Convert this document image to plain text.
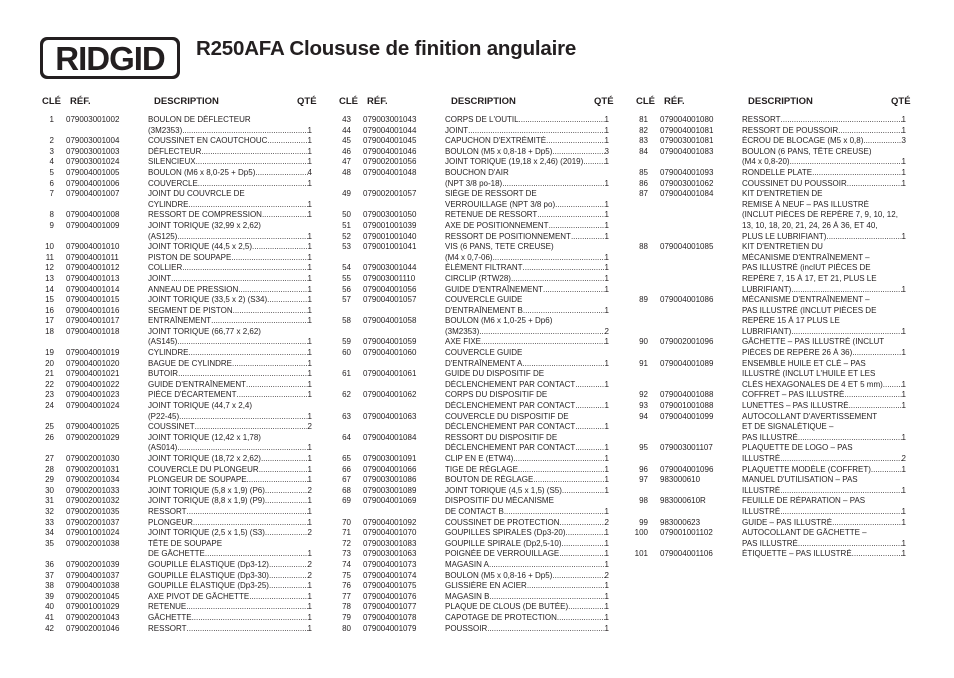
RIDGID R250AFA Cloususe de finition angulaire
CLÉ RÉF.	DESCRIPTION	QTÉ
1 079003001002	BOULON DE DÉFLECTEUR
(3M2353) .....	1
2 079003001004	COUSSINET EN CAOUTCHOUC .....	1
3 079003001003	DÉFLECTEUR .....	1
4 079003001024	SILENCIEUX .....	1
5 079004001005	BOULON (M6 x 8,0-25 + Dp5) .....	4
6 079004001006	COUVERCLE .....	1
7 079004001007	JOINT DU COUVRCLE DE
CYLINDRE .....	1
8 079004001008	RESSORT DE COMPRESSION .....	1
9 079004001009	JOINT TORIQUE (32,99 x 2,62)
(AS125) .....	1
10 079004001010	JOINT TORIQUE (44,5 x 2,5) .....	1
11 079004001011	PISTON DE SOUPAPE .....	1
12 079004001012	COLLIER .....	1
13 079004001013	JOINT .....	1
14 079004001014	ANNEAU DE PRESSION .....	1
15 079004001015	JOINT TORIQUE (33,5 x 2) (S34) .....	1
16 079004001016	SEGMENT DE PISTON .....	1
17 079004001017	ENTRAÎNEMENT .....	1
18 079004001018	JOINT TORIQUE (66,77 x 2,62)
(AS145) .....	1
19 079004001019	CYLINDRE .....	1
20 079004001020	BAGUE DE CYLINDRE .....	1
21 079004001021	BUTOIR .....	1
22 079004001022	GUIDE D'ENTRAÎNEMENT .....	1
23 079004001023	PIÈCE D'ÉCARTEMENT .....	1
24 079004001024	JOINT TORIQUE (44,7 x 2,4)
(P22-45) .....	1
25 079004001025	COUSSINET .....	2
26 079002001029	JOINT TORIQUE (12,42 x 1,78)
(AS014) .....	1
27 079002001030	JOINT TORIQUE (18,72 x 2,62) .....	1
28 079002001031	COUVERCLE DU PLONGEUR .....	1
29 079002001034	PLONGEUR DE SOUPAPE .....	1
30 079002001033	JOINT TORIQUE (5,8 x 1,9) (P6) .....	2
31 079002001032	JOINT TORIQUE (8,8 x 1,9) (P9) .....	1
32 079002001035	RESSORT .....	1
33 079002001037	PLONGEUR .....	1
34 079001001024	JOINT TORIQUE (2,5 x 1,5) (S3) .....	2
35 079002001038	TÊTE DE SOUPAPE
DE GÂCHETTE .....	1
36 079002001039	GOUPILLE ÉLASTIQUE (Dp3-12) .....	2
37 079004001037	GOUPILLE ÉLASTIQUE (Dp3-30) .....	2
38 079004001038	GOUPILLE ÉLASTIQUE (Dp3-25) .....	1
39 079002001045	AXE PIVOT DE GÂCHETTE .....	1
40 079001001029	RETENUE .....	1
41 079002001043	GÂCHETTE .....	1
42 079002001046	RESSORT .....	1
CLÉ RÉF.	DESCRIPTION	QTÉ
43 079003001043	CORPS DE L'OUTIL .....	1
44 079004001044	JOINT .....	1
45 079004001045	CAPUCHON D'EXTRÉMITÉ .....	1
46 079004001046	BOULON (M5 x 0,8-18 + Dp5) .....	3
47 079002001056	JOINT TORIQUE (19,18 x 2,46) (2019) .....	1
48 079004001048	BOUCHON D'AIR
(NPT 3/8 po-18) .....	1
49 079002001057	SIÈGE DE RESSORT DE
VERROUILLAGE (NPT 3/8 po) .....	1
50 079003001050	RETENUE DE RESSORT .....	1
51 079001001039	AXE DE POSITIONNEMENT .....	1
52 079001001040	RESSORT DE POSITIONNEMENT .....	1
53 079001001041	VIS (6 PANS, TETE CREUSE)
(M4 x 0,7-06) .....	1
54 079003001044	ÉLÉMENT FILTRANT .....	1
55 079003001110	CIRCLIP (RTW28) .....	1
56 079004001056	GUIDE D'ENTRAÎNEMENT .....	1
57 079004001057	COUVERCLE GUIDE
D'ENTRAÎNEMENT B .....	1
58 079004001058	BOULON (M6 x 1,0-25 + Dp6)
(3M2353) .....	2
59 079004001059	AXE FIXE .....	1
60 079004001060	COUVERCLE GUIDE
D'ENTRAÎNEMENT A .....	1
61 079004001061	GUIDE DU DISPOSITIF DE
DÉCLENCHEMENT PAR CONTACT .....	1
62 079004001062	CORPS DU DISPOSITIF DE
DÉCLENCHEMENT PAR CONTACT .....	1
63 079004001063	COUVERCLE DU DISPOSITIF DE
DÉCLENCHEMENT PAR CONTACT .....	1
64 079004001084	RESSORT DU DISPOSITIF DE
DÉCLENCHEMENT PAR CONTACT .....	1
65 079003001091	CLIP EN E (ETW4) .....	1
66 079004001066	TIGE DE RÉGLAGE .....	1
67 079003001086	BOUTON DE RÉGLAGE .....	1
68 079003001089	JOINT TORIQUE (4,5 x 1,5) (S5) .....	1
69 079004001069	DISPOSITIF DU MÉCANISME
DE CONTACT B .....	1
70 079004001092	COUSSINET DE PROTECTION .....	2
71 079004001070	GOUPILLES SPIRALES (Dp3-20) .....	1
72 079003001083	GOUPILLE SPIRALE (Dp2,5-10) .....	1
73 079003001063	POIGNÉE DE VERROUILLAGE .....	1
74 079004001073	MAGASIN A .....	1
75 079004001074	BOULON (M5 x 0,8-16 + Dp5) .....	2
76 079004001075	GLISSIÈRE EN ACIER .....	1
77 079004001076	MAGASIN B .....	1
78 079004001077	PLAQUE DE CLOUS (DE BUTÉE) .....	1
79 079004001078	CAPOTAGE DE PROTECTION .....	1
80 079004001079	POUSSOIR .....	1
CLÉ RÉF.	DESCRIPTION	QTÉ
81 079004001080	RESSORT .....	1
82 079004001081	RESSORT DE POUSSOIR .....	1
83 079003001081	ÉCROU DE BLOCAGE (M5 x 0,8) .....	3
84 079004001083	BOULON (6 PANS, TÊTE CREUSE)
(M4 x 0,8-20) .....	1
85 079004001093	RONDELLE PLATE .....	1
86 079003001062	COUSSINET DU POUSSOIR .....	1
87 079004001084	KIT D'ENTRETIEN DE
REMISE À NEUF – PAS ILLUSTRÉ
(INCLUT PIÈCES DE REPÈRE 7, 9, 10, 12,
13, 10, 18, 20, 21, 24, 26 À 36, ET 40,
PLUS LE LUBRIFIANT) .....	1
88 079004001085	KIT D'ENTRETIEN DU
MÉCANISME D'ENTRAÎNEMENT –
PAS ILLUSTRÉ (incIUT PIÈCES DE
REPÈRE 7, 15 À 17, ET 21, PLUS LE
LUBRIFIANT) .....	1
89 079004001086	MÉCANISME D'ENTRAÎNEMENT –
PAS ILLUSTRÉ (INCLUT PIÈCES DE
REPÈRE 15 À 17 PLUS LE
LUBRIFIANT) .....	1
90 079002001096	GÂCHETTE – PAS ILLUSTRÉ (INCLUT
PIÈCES DE REPÈRE 26 À 36) .....	1
91 079004001089	ENSEMBLE HUILE ET CLÉ – PAS
ILLUSTRÉ (INCLUT L'HUILE ET LES
CLÉS HEXAGONALES DE 4 ET 5 mm) ..... 1
92 079004001088	COFFRET – PAS ILLUSTRÉ .....	1
93 079001001088	LUNETTES – PAS ILLUSTRÉ .....	1
94 079004001099	AUTOCOLLANT D'AVERTISSEMENT
ET DE SIGNALÉTIQUE –
PAS ILLUSTRÉ .....	1
95 079003001107	PLAQUETTE DE LOGO – PAS
ILLUSTRÉ .....	2
96 079004001096	PLAQUETTE MODÈLE (COFFRET) .....	1
97 983000610	MANUEL D'UTILISATION – PAS
ILLUSTRÉ .....	1
98 983000610R	FEUILLE DE RÉPARATION – PAS
ILLUSTRÉ .....	1
99 983000623	GUIDE – PAS ILLUSTRÉ .....	1
100 079001001102	AUTOCOLLANT DE GÂCHETTE –
PAS ILLUSTRÉ .....	1
101 079004001106	ÉTIQUETTE – PAS ILLUSTRÉ .....	1
